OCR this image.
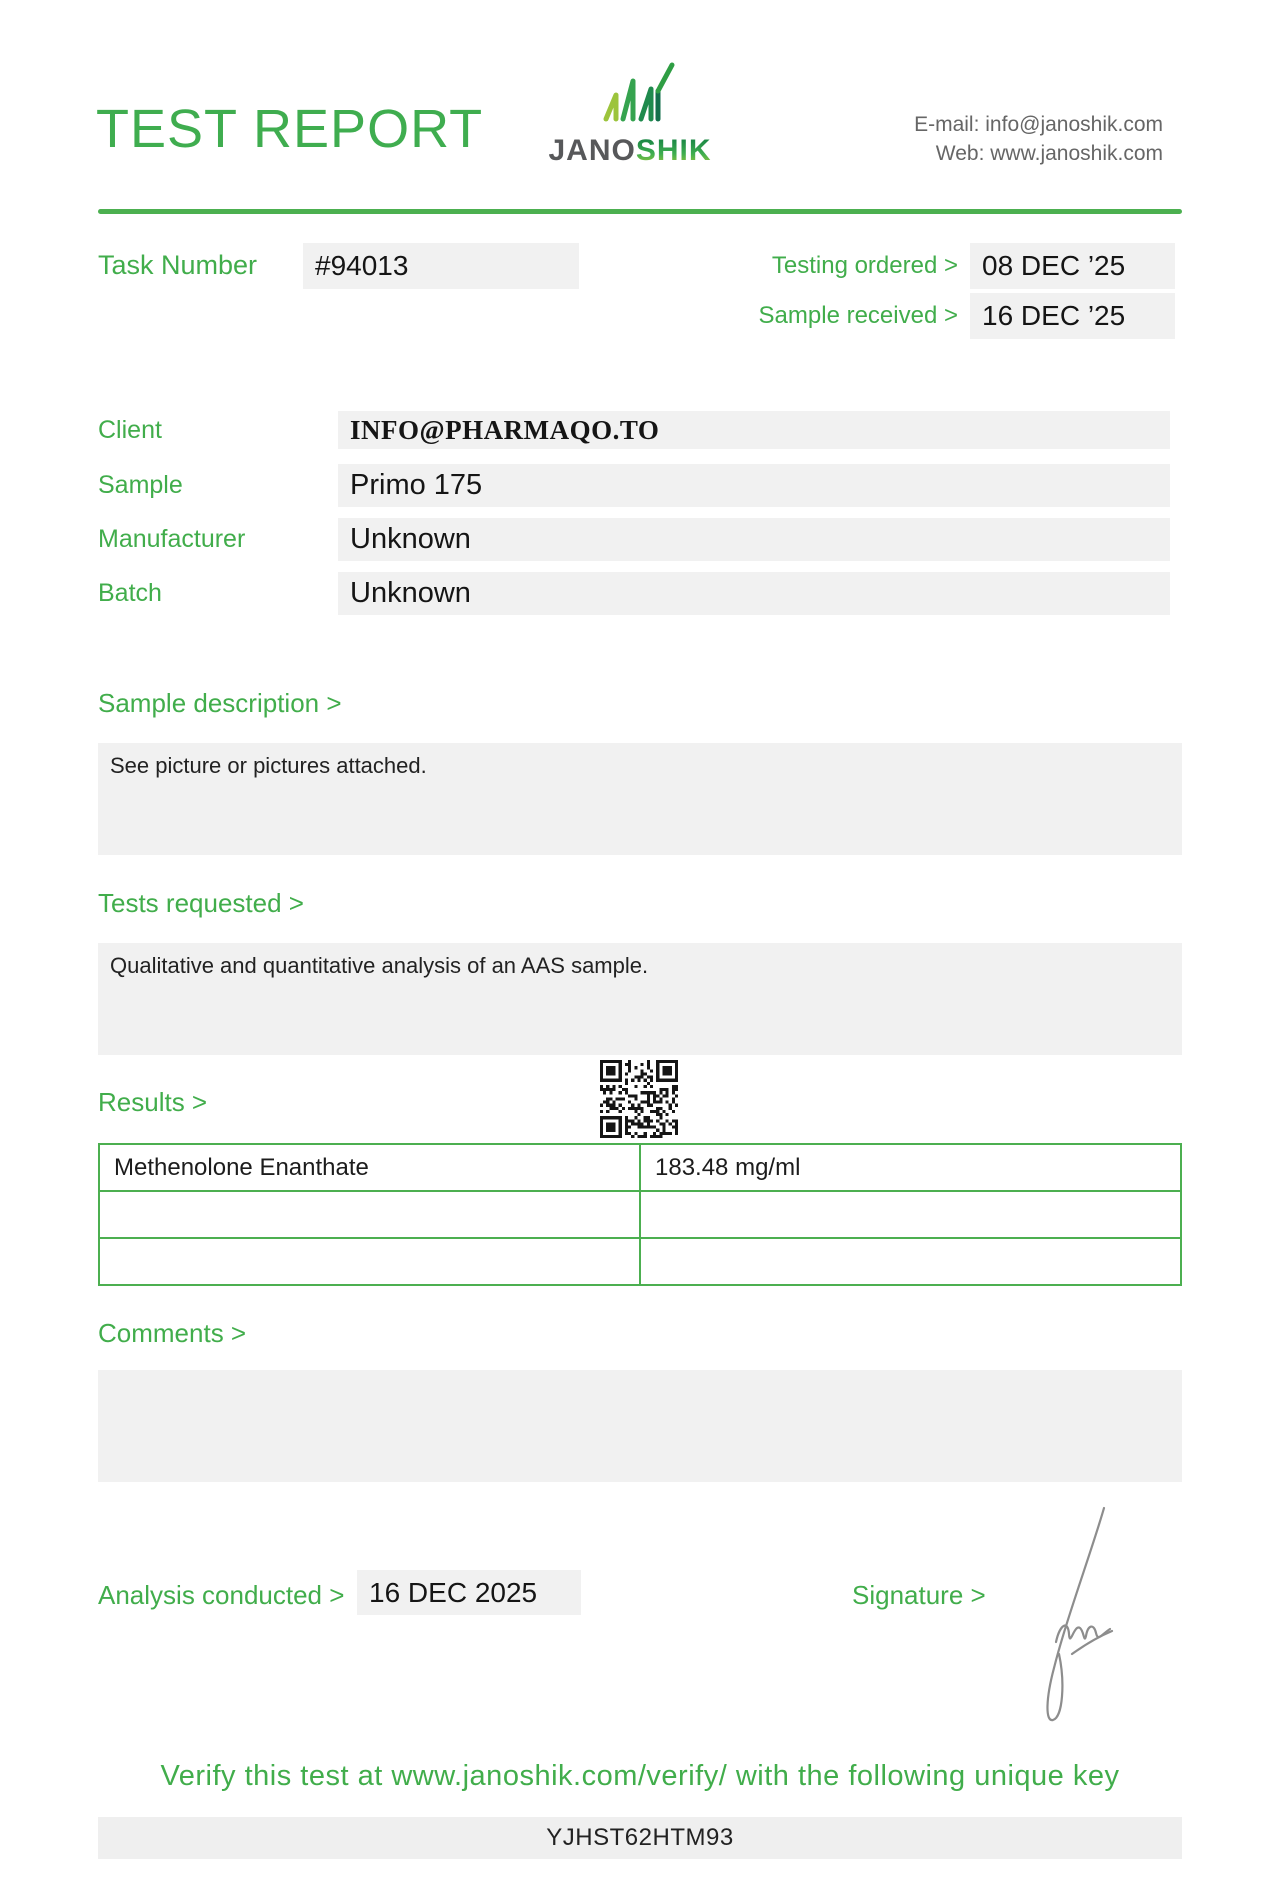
TEST REPORT JANOSHIK
E-mail: info@janoshik.com
Web: www.janoshik.com
Task Number	#94013	Testing ordered > 08 DEC ’25
Sample received > 16 DEC ’25
Client	INFO@PHARMAQO.TO
Sample	Primo 175
Manufacturer	Unknown
Batch	Unknown
Sample description >
See picture or pictures attached.
Tests requested >
Qualitative and quantitative analysis of an AAS sample.
Results >
Methenolone Enanthate	183.48 mg/ml
Comments >
Analysis conducted > 16 DEC 2025	Signature >
Verify this test at www.janoshik.com/verify/ with the following unique key
YJHST62HTM93
